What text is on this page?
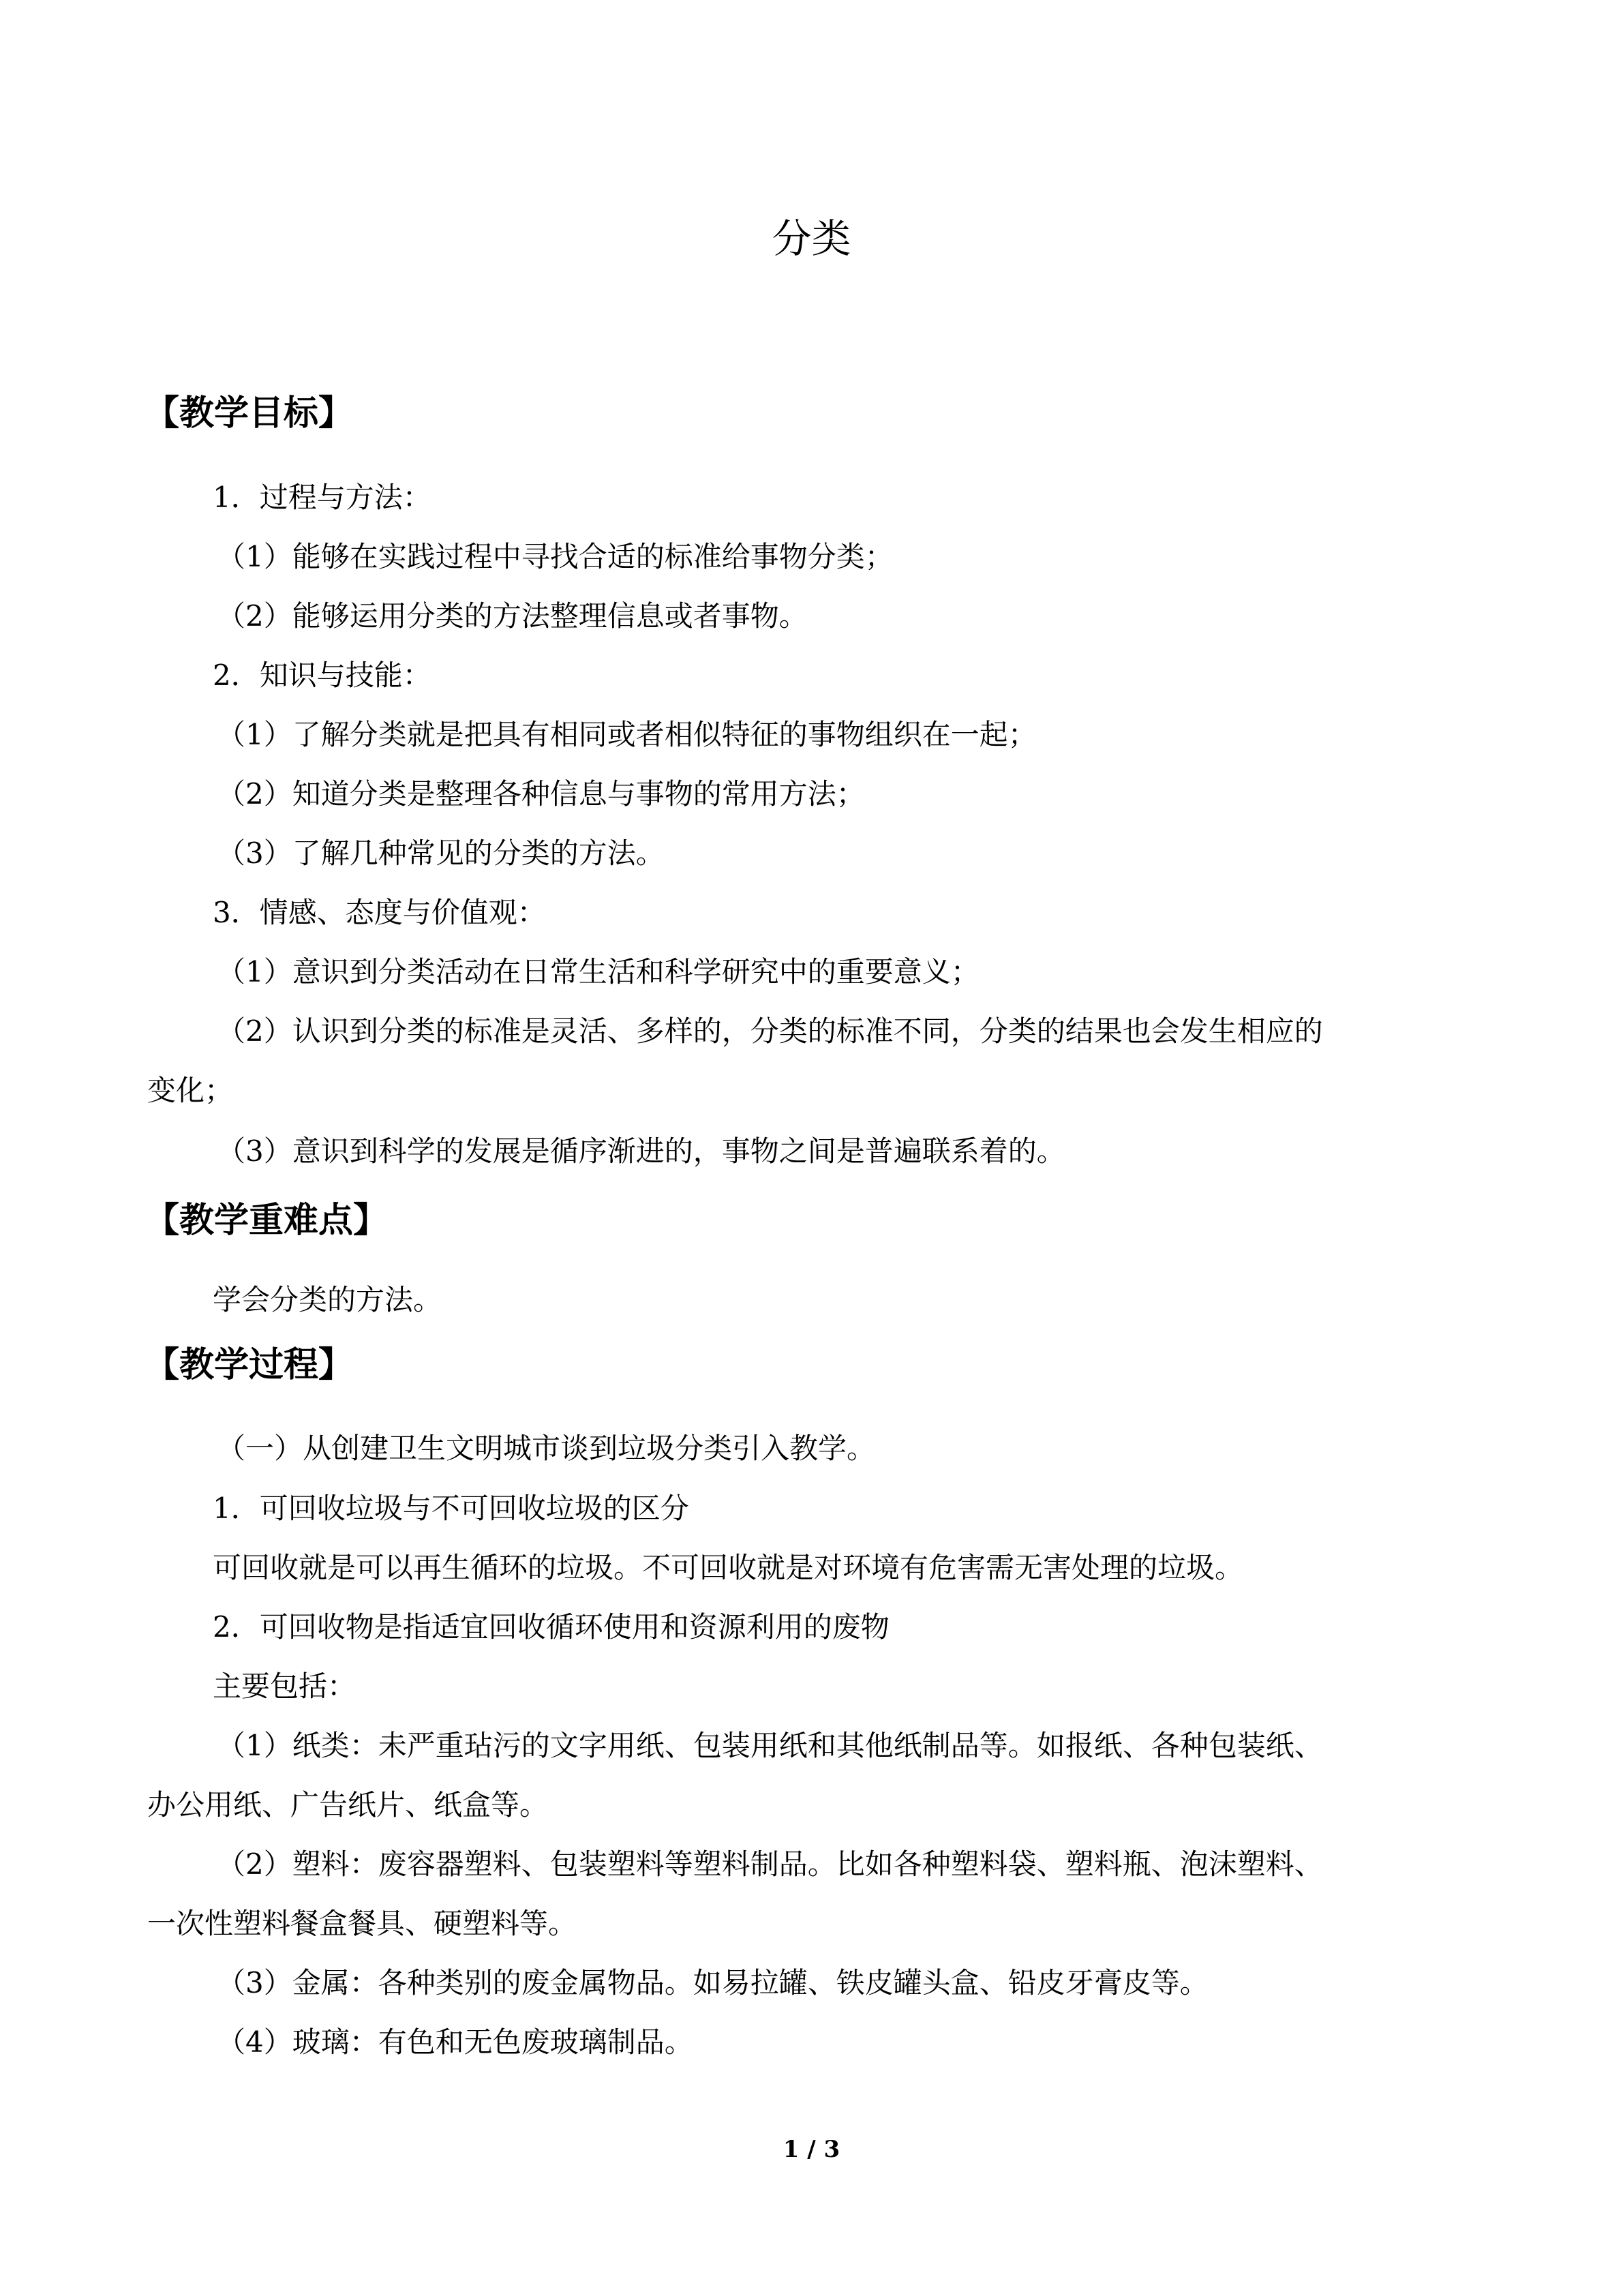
分类
【教学目标】
1．过程与方法：
（1）能够在实践过程中寻找合适的标准给事物分类；
（2）能够运用分类的方法整理信息或者事物。
2．知识与技能：
（1）了解分类就是把具有相同或者相似特征的事物组织在一起；
（2）知道分类是整理各种信息与事物的常用方法；
（3）了解几种常见的分类的方法。
3．情感、态度与价值观：
（1）意识到分类活动在日常生活和科学研究中的重要意义；
（2）认识到分类的标准是灵活、多样的，分类的标准不同，分类的结果也会发生相应的
变化；
（3）意识到科学的发展是循序渐进的，事物之间是普遍联系着的。
【教学重难点】
学会分类的方法。
【教学过程】
（一）从创建卫生文明城市谈到垃圾分类引入教学。
1．可回收垃圾与不可回收垃圾的区分
可回收就是可以再生循环的垃圾。不可回收就是对环境有危害需无害处理的垃圾。
2．可回收物是指适宜回收循环使用和资源利用的废物
主要包括：
（1）纸类：未严重玷污的文字用纸、包装用纸和其他纸制品等。如报纸、各种包装纸、
办公用纸、广告纸片、纸盒等。
（2）塑料：废容器塑料、包装塑料等塑料制品。比如各种塑料袋、塑料瓶、泡沫塑料、
一次性塑料餐盒餐具、硬塑料等。
（3）金属：各种类别的废金属物品。如易拉罐、铁皮罐头盒、铅皮牙膏皮等。
（4）玻璃：有色和无色废玻璃制品。
1 / 3
